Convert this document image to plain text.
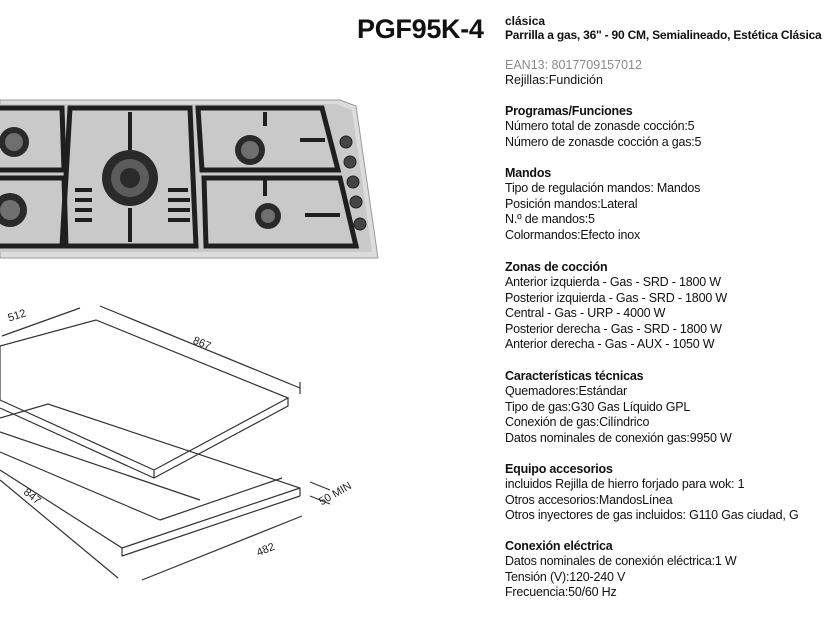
512
867
847
482
50 MIN
PGF95K-4 clásica
Parrilla a gas, 36'' - 90 CM, Semialineado, Estética Clásica
EAN13: 8017709157012
Rejillas:Fundición
Programas/Funciones
Número total de zonasde cocción:5
Número de zonasde cocción a gas:5
Mandos
Tipo de regulación mandos: Mandos
Posición mandos:Lateral
N.º de mandos:5
Colormandos:Efecto inox
Zonas de cocción
Anterior izquierda - Gas - SRD - 1800 W
Posterior izquierda - Gas - SRD - 1800 W
Central - Gas - URP - 4000 W
Posterior derecha - Gas - SRD - 1800 W
Anterior derecha - Gas - AUX - 1050 W
Características técnicas
Quemadores:Estándar
Tipo de gas:G30 Gas Líquido GPL
Conexión de gas:Cilíndrico
Datos nominales de conexión gas:9950 W
Equipo accesorios
incluidos Rejilla de hierro forjado para wok: 1
Otros accesorios:MandosLínea
Otros inyectores de gas incluidos: G110 Gas ciudad, G
Conexión eléctrica
Datos nominales de conexión eléctrica:1 W
Tensión (V):120-240 V
Frecuencia:50/60 Hz
